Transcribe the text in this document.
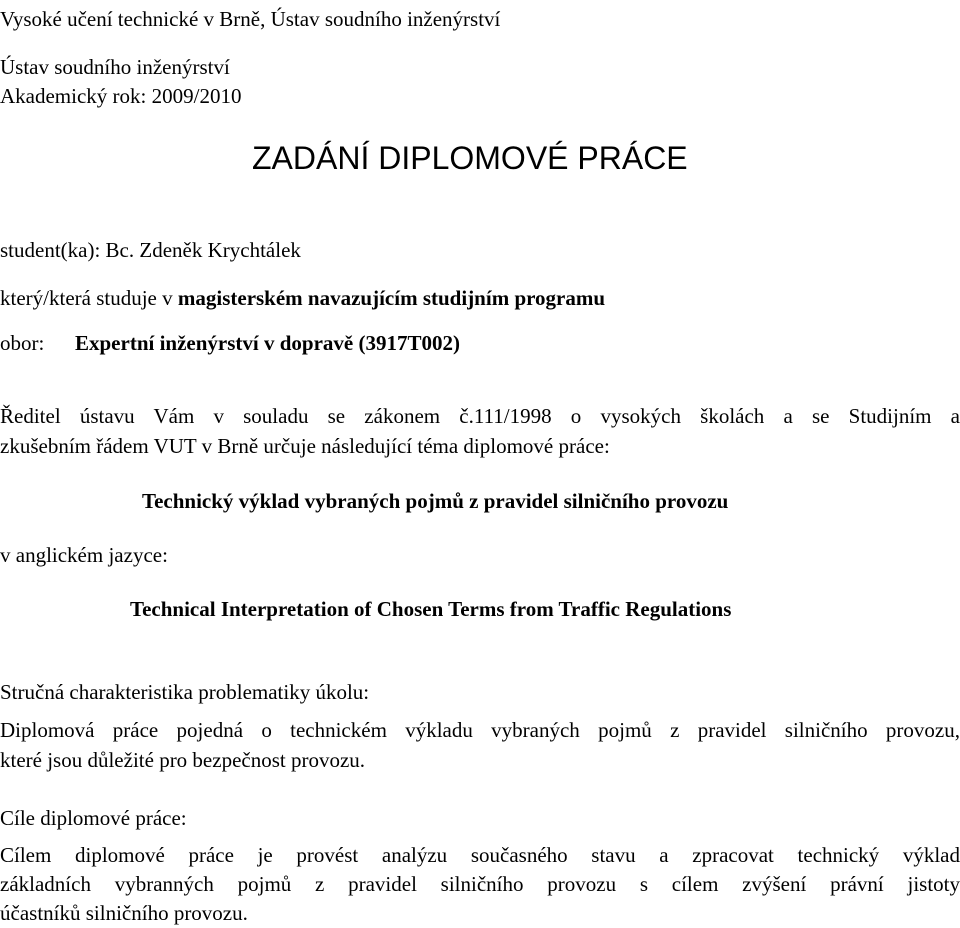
Vysoké učení technické v Brně, Ústav soudního inženýrství
Ústav soudního inženýrství
Akademický rok: 2009/2010
ZADÁNÍ DIPLOMOVÉ PRÁCE
student(ka): Bc. Zdeněk Krychtálek
který/která studuje v magisterském navazujícím studijním programu
obor: Expertní inženýrství v dopravě (3917T002)
Ředitel ústavu Vám v souladu se zákonem č.111/1998 o vysokých školách a se Studijním a
zkušebním řádem VUT v Brně určuje následující téma diplomové práce:
Technický výklad vybraných pojmů z pravidel silničního provozu
v anglickém jazyce:
Technical Interpretation of Chosen Terms from Traffic Regulations
Stručná charakteristika problematiky úkolu:
Diplomová práce pojedná o technickém výkladu vybraných pojmů z pravidel silničního provozu,
které jsou důležité pro bezpečnost provozu.
Cíle diplomové práce:
Cílem diplomové práce je provést analýzu současného stavu a zpracovat technický výklad
základních vybranných pojmů z pravidel silničního provozu s cílem zvýšení právní jistoty
účastníků silničního provozu.
